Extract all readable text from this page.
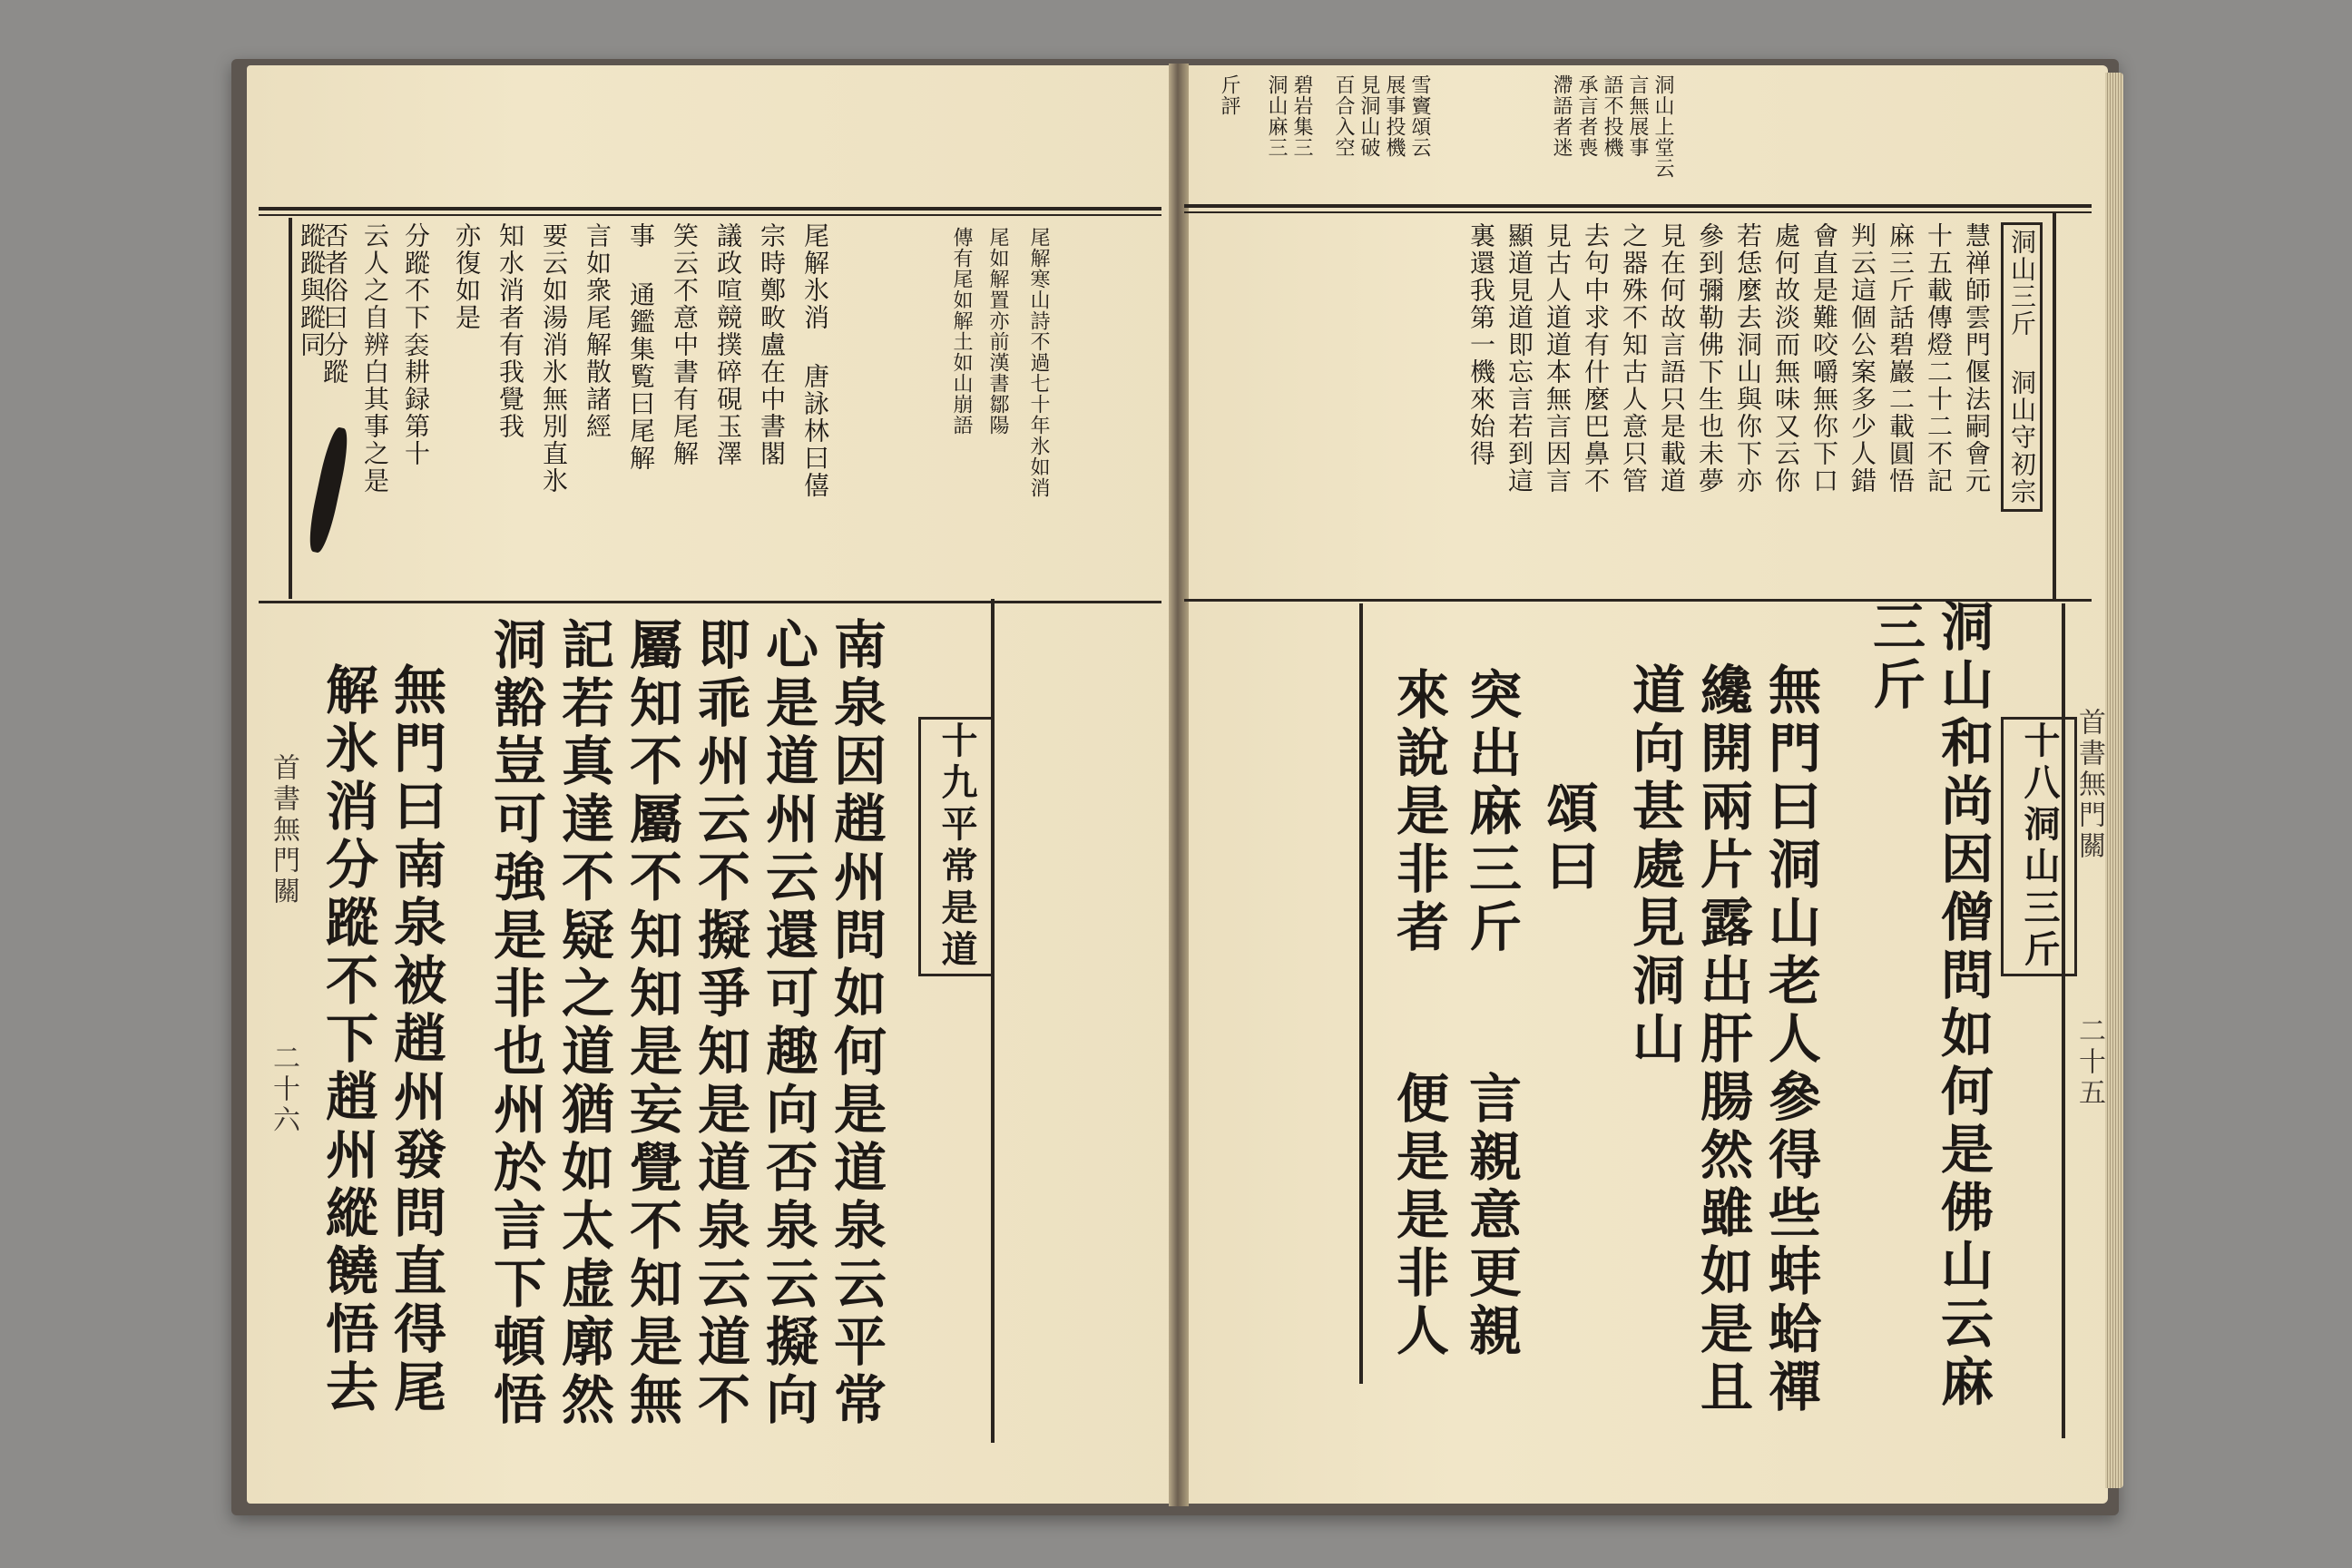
尾解寒山詩不過七十年氷如消
尾如解置亦前漢書鄒陽
傳有尾如解土如山崩語
尾解氷消 唐詠林曰僖
宗時鄭畋盧在中書閣
議政喧競撲碎硯玉澤
笑云不意中書有尾解
事 通鑑集覧曰尾解
言如衆尾解散諸經
要云如湯消氷無別直氷
知水消者有我覺我
亦復如是
分蹤不下𧙐耕録第十
云人之自辨白其事之是
否者俗曰分蹤
蹤蹤與蹤同
十九平常是道
南泉因趙州問如何是道泉云平常
心是道州云還可趣向否泉云擬向
即乖州云不擬爭知是道泉云道不
屬知不屬不知知是妄覺不知是無
記若真達不疑之道猶如太虚廓然
洞豁豈可強是非也州於言下頓悟
無門曰南泉被趙州發問直得尾
解氷消分蹤不下趙州縱饒悟去
首書無門關
二十六
洞山上堂云
言無展事
語不投機
承言者喪
滯語者迷
雪竇頌云
展事投機
見洞山破
百合入空
碧岩集三
洞山麻三
斤評
洞山三斤 洞山守初宗
慧禅師雲門偃法嗣會元
十五載傳燈二十二不記
麻三斤話碧巖二載圓悟
判云這個公案多少人錯
會直是難咬嚼無你下口
處何故淡而無味又云你
若恁麼去洞山與你下亦
參到彌勒佛下生也未夢
見在何故言語只是載道
之器殊不知古人意只管
去句中求有什麼巴鼻不
見古人道道本無言因言
顯道見道即忘言若到這
裏還我第一機來始得
十八洞山三斤
洞山和尚因僧問如何是佛山云麻
三斤
無門曰洞山老人參得些蚌蛤禪
纔開兩片露出肝腸然雖如是且
道向甚處見洞山
頌曰
突出麻三斤
言親意更親
來說是非者
便是是非人
首書無門關
二十五
